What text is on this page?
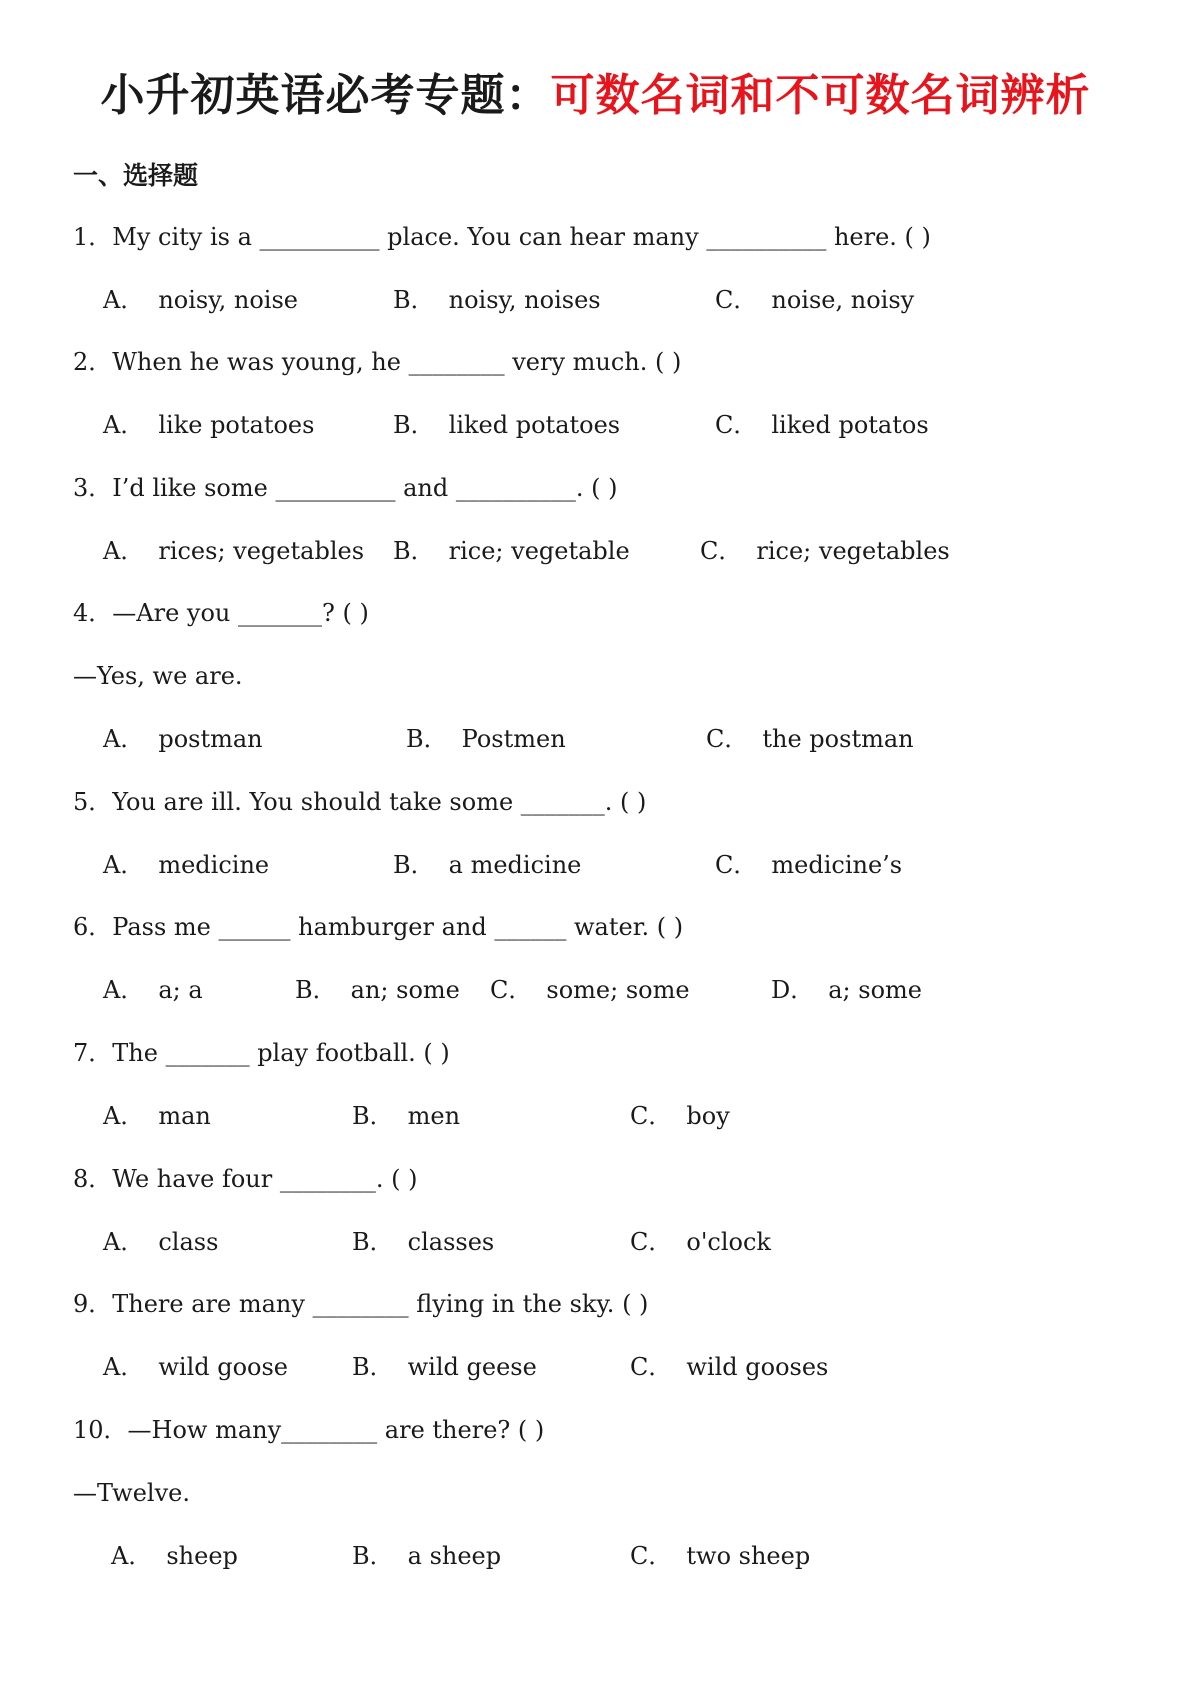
小升初英语必考专题：可数名词和不可数名词辨析
一、选择题
1．My city is a __________ place. You can hear many __________ here. ( )
A． noisy, noise	B． noisy, noises	C． noise, noisy
2．When he was young, he ________ very much. ( )
A． like potatoes	B． liked potatoes	C． liked potatos
3．I’d like some __________ and __________. ( )
A． rices; vegetables B． rice; vegetable	C． rice; vegetables
4．—Are you _______? ( )
—Yes, we are.
A． postman	B． Postmen	C． the postman
5．You are ill. You should take some _______. ( )
A． medicine	B． a medicine	C． medicine’s
6．Pass me ______ hamburger and ______ water. ( )
A． a; a	B． an; some C． some; some	D． a; some
7．The _______ play football. ( )
A． man	B． men	C． boy
8．We have four ________. ( )
A． class	B． classes	C． o'clock
9．There are many ________ flying in the sky. ( )
A． wild goose	B． wild geese	C． wild gooses
10．—How many________ are there? ( )
—Twelve.
A． sheep	B． a sheep	C． two sheep
